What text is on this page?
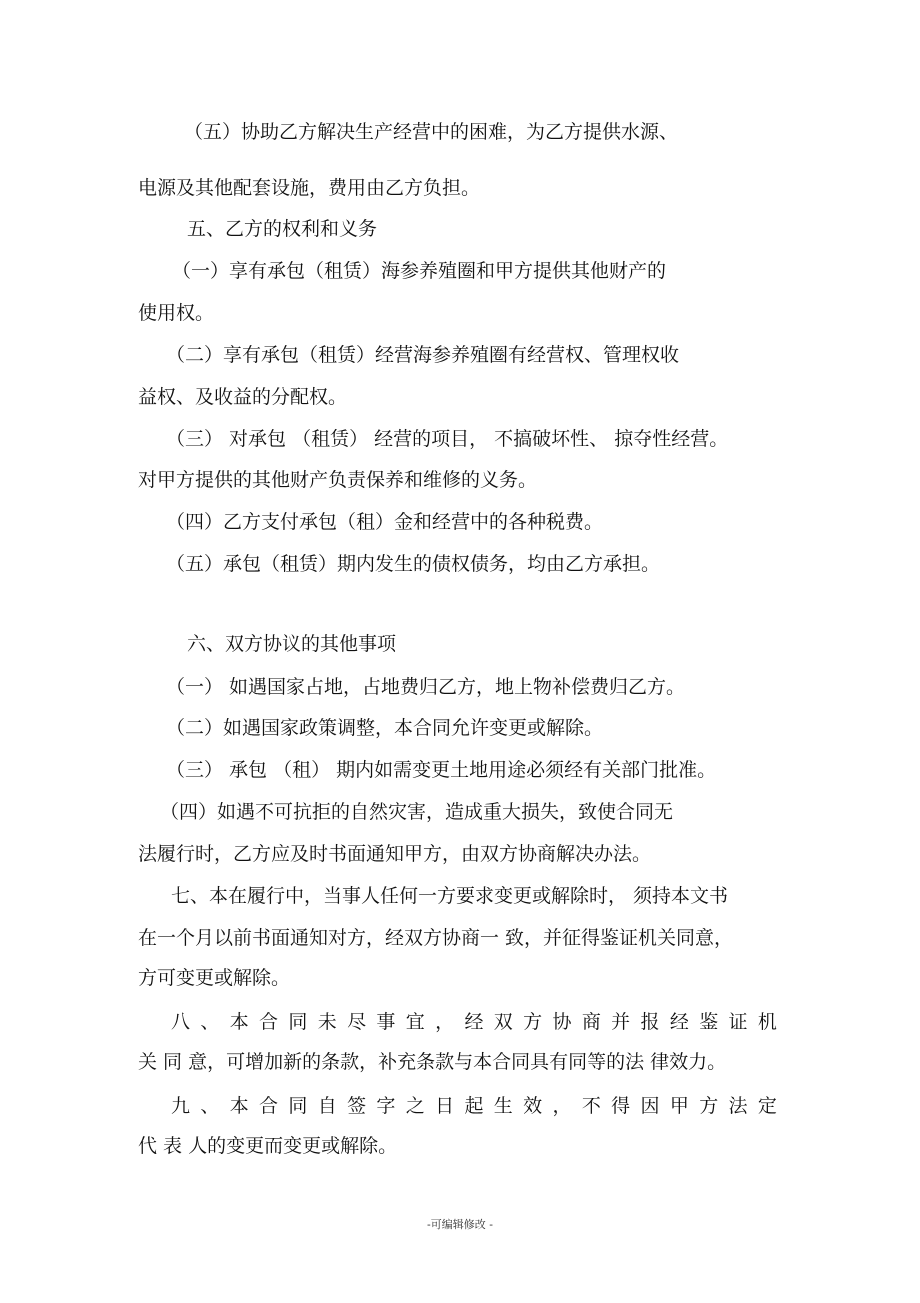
（五）协助乙方解决生产经营中的困难，为乙方提供水源、
电源及其他配套设施，费用由乙方负担。
五、乙方的权利和义务
（一）享有承包（租赁）海参养殖圈和甲方提供其他财产的
使用权。
（二）享有承包（租赁）经营海参养殖圈有经营权、管理权收
益权、及收益的分配权。
（三） 对承包 （租赁） 经营的项目， 不搞破坏性、 掠夺性经营。
对甲方提供的其他财产负责保养和维修的义务。
（四）乙方支付承包（租）金和经营中的各种税费。
（五）承包（租赁）期内发生的债权债务，均由乙方承担。
六、双方协议的其他事项
（一） 如遇国家占地，占地费归乙方，地上物补偿费归乙方。
（二）如遇国家政策调整，本合同允许变更或解除。
（三） 承包 （租） 期内如需变更土地用途必须经有关部门批准。
（四）如遇不可抗拒的自然灾害，造成重大损失，致使合同无
法履行时，乙方应及时书面通知甲方，由双方协商解决办法。
七、本在履行中，当事人任何一方要求变更或解除时， 须持本文书
在一个月以前书面通知对方，经双方协商一 致，并征得鉴证机关同意，
方可变更或解除。
八 、 本 合 同 未 尽 事 宜 ， 经 双 方 协 商 并 报 经 鉴 证 机
关 同 意，可增加新的条款，补充条款与本合同具有同等的法 律效力。
九 、 本 合 同 自 签 字 之 日 起 生 效 ， 不 得 因 甲 方 法 定
代 表 人的变更而变更或解除。
-可编辑修改 -
